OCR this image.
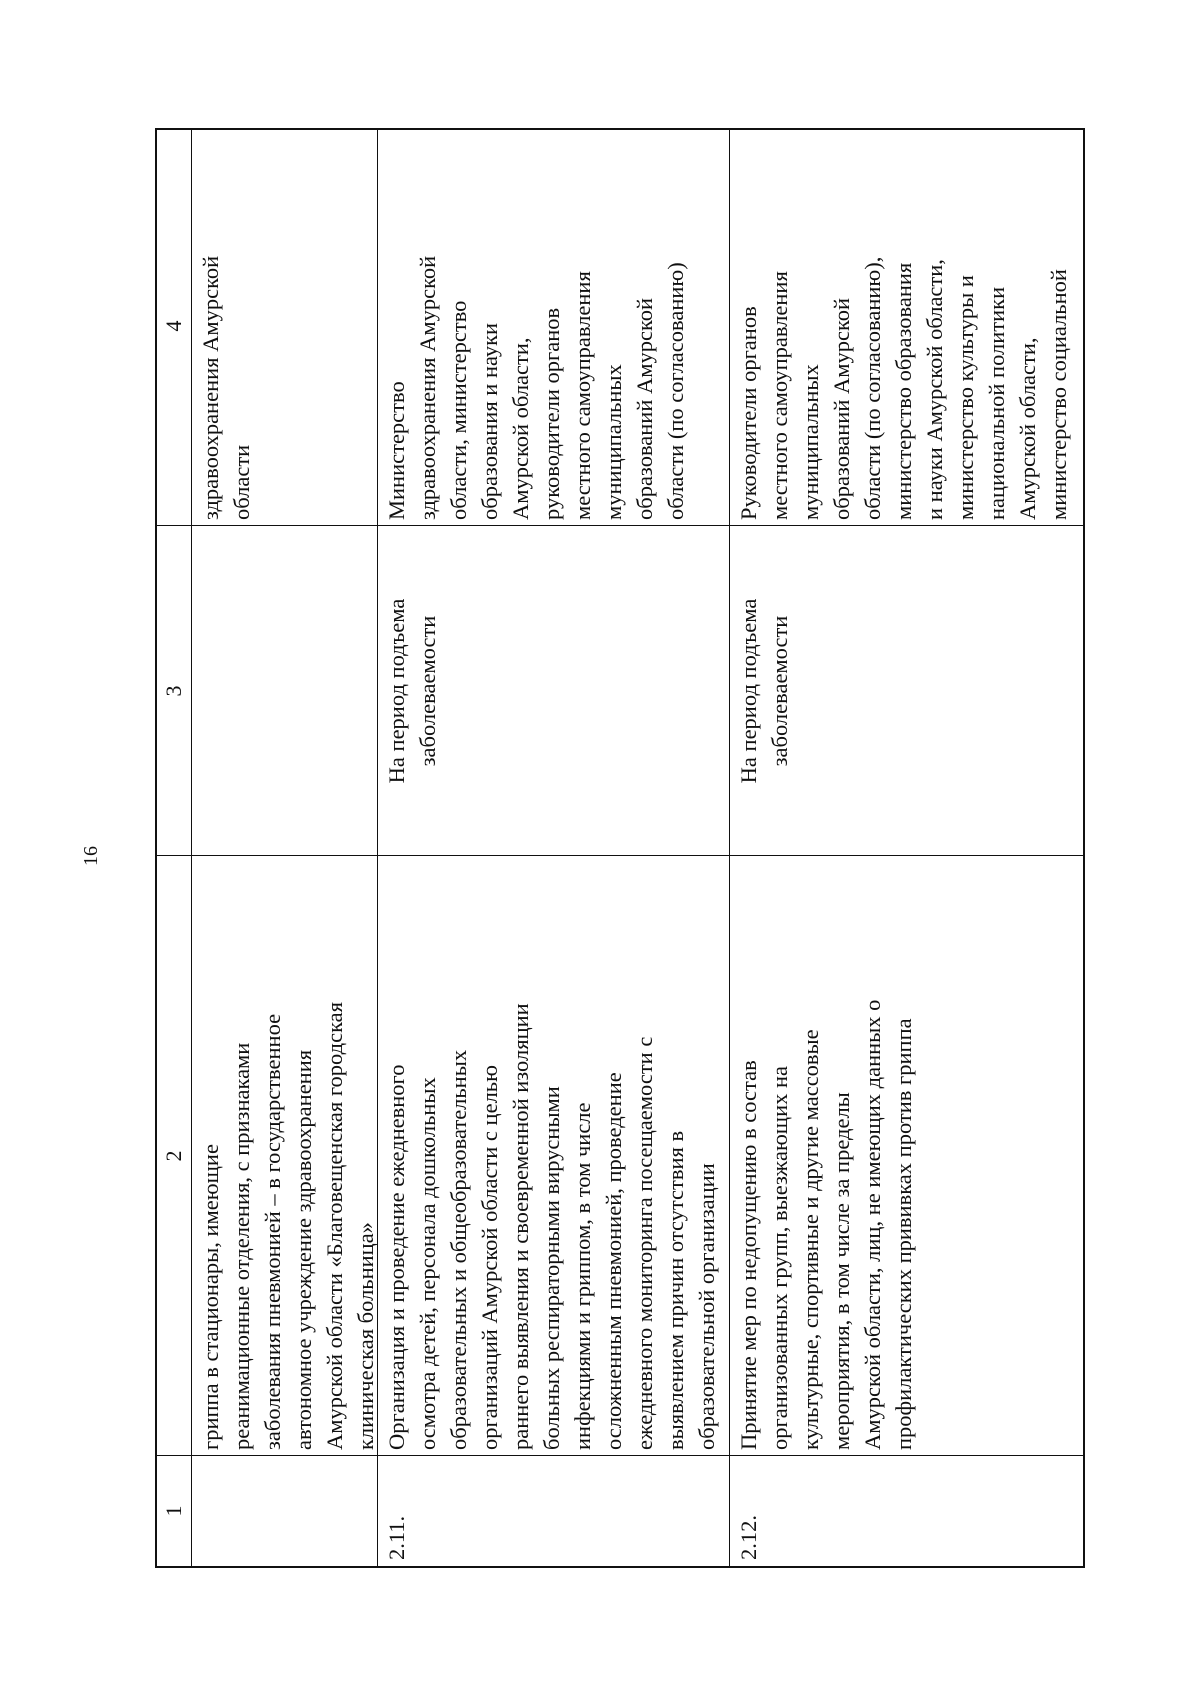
16
1
2
3
4
гриппа в стационары, имеющие
реанимационные отделения, с признаками
заболевания пневмонией – в государственное
автономное учреждение здравоохранения
Амурской области «Благовещенская городская
клиническая больница»
здравоохранения Амурской
области
2.11.
Организация и проведение ежедневного
осмотра детей, персонала дошкольных
образовательных и общеобразовательных
организаций Амурской области с целью
раннего выявления и своевременной изоляции
больных респираторными вирусными
инфекциями и гриппом, в том числе
осложненным пневмонией, проведение
ежедневного мониторинга посещаемости с
выявлением причин отсутствия в
образовательной организации
На период подъема
заболеваемости
Министерство
здравоохранения Амурской
области, министерство
образования и науки
Амурской области,
руководители органов
местного самоуправления
муниципальных
образований Амурской
области (по согласованию)
2.12.
Принятие мер по недопущению в состав
организованных групп, выезжающих на
культурные, спортивные и другие массовые
мероприятия, в том числе за пределы
Амурской области, лиц, не имеющих данных о
профилактических прививках против гриппа
На период подъема
заболеваемости
Руководители органов
местного самоуправления
муниципальных
образований Амурской
области (по согласованию),
министерство образования
и науки Амурской области,
министерство культуры и
национальной политики
Амурской области,
министерство социальной
